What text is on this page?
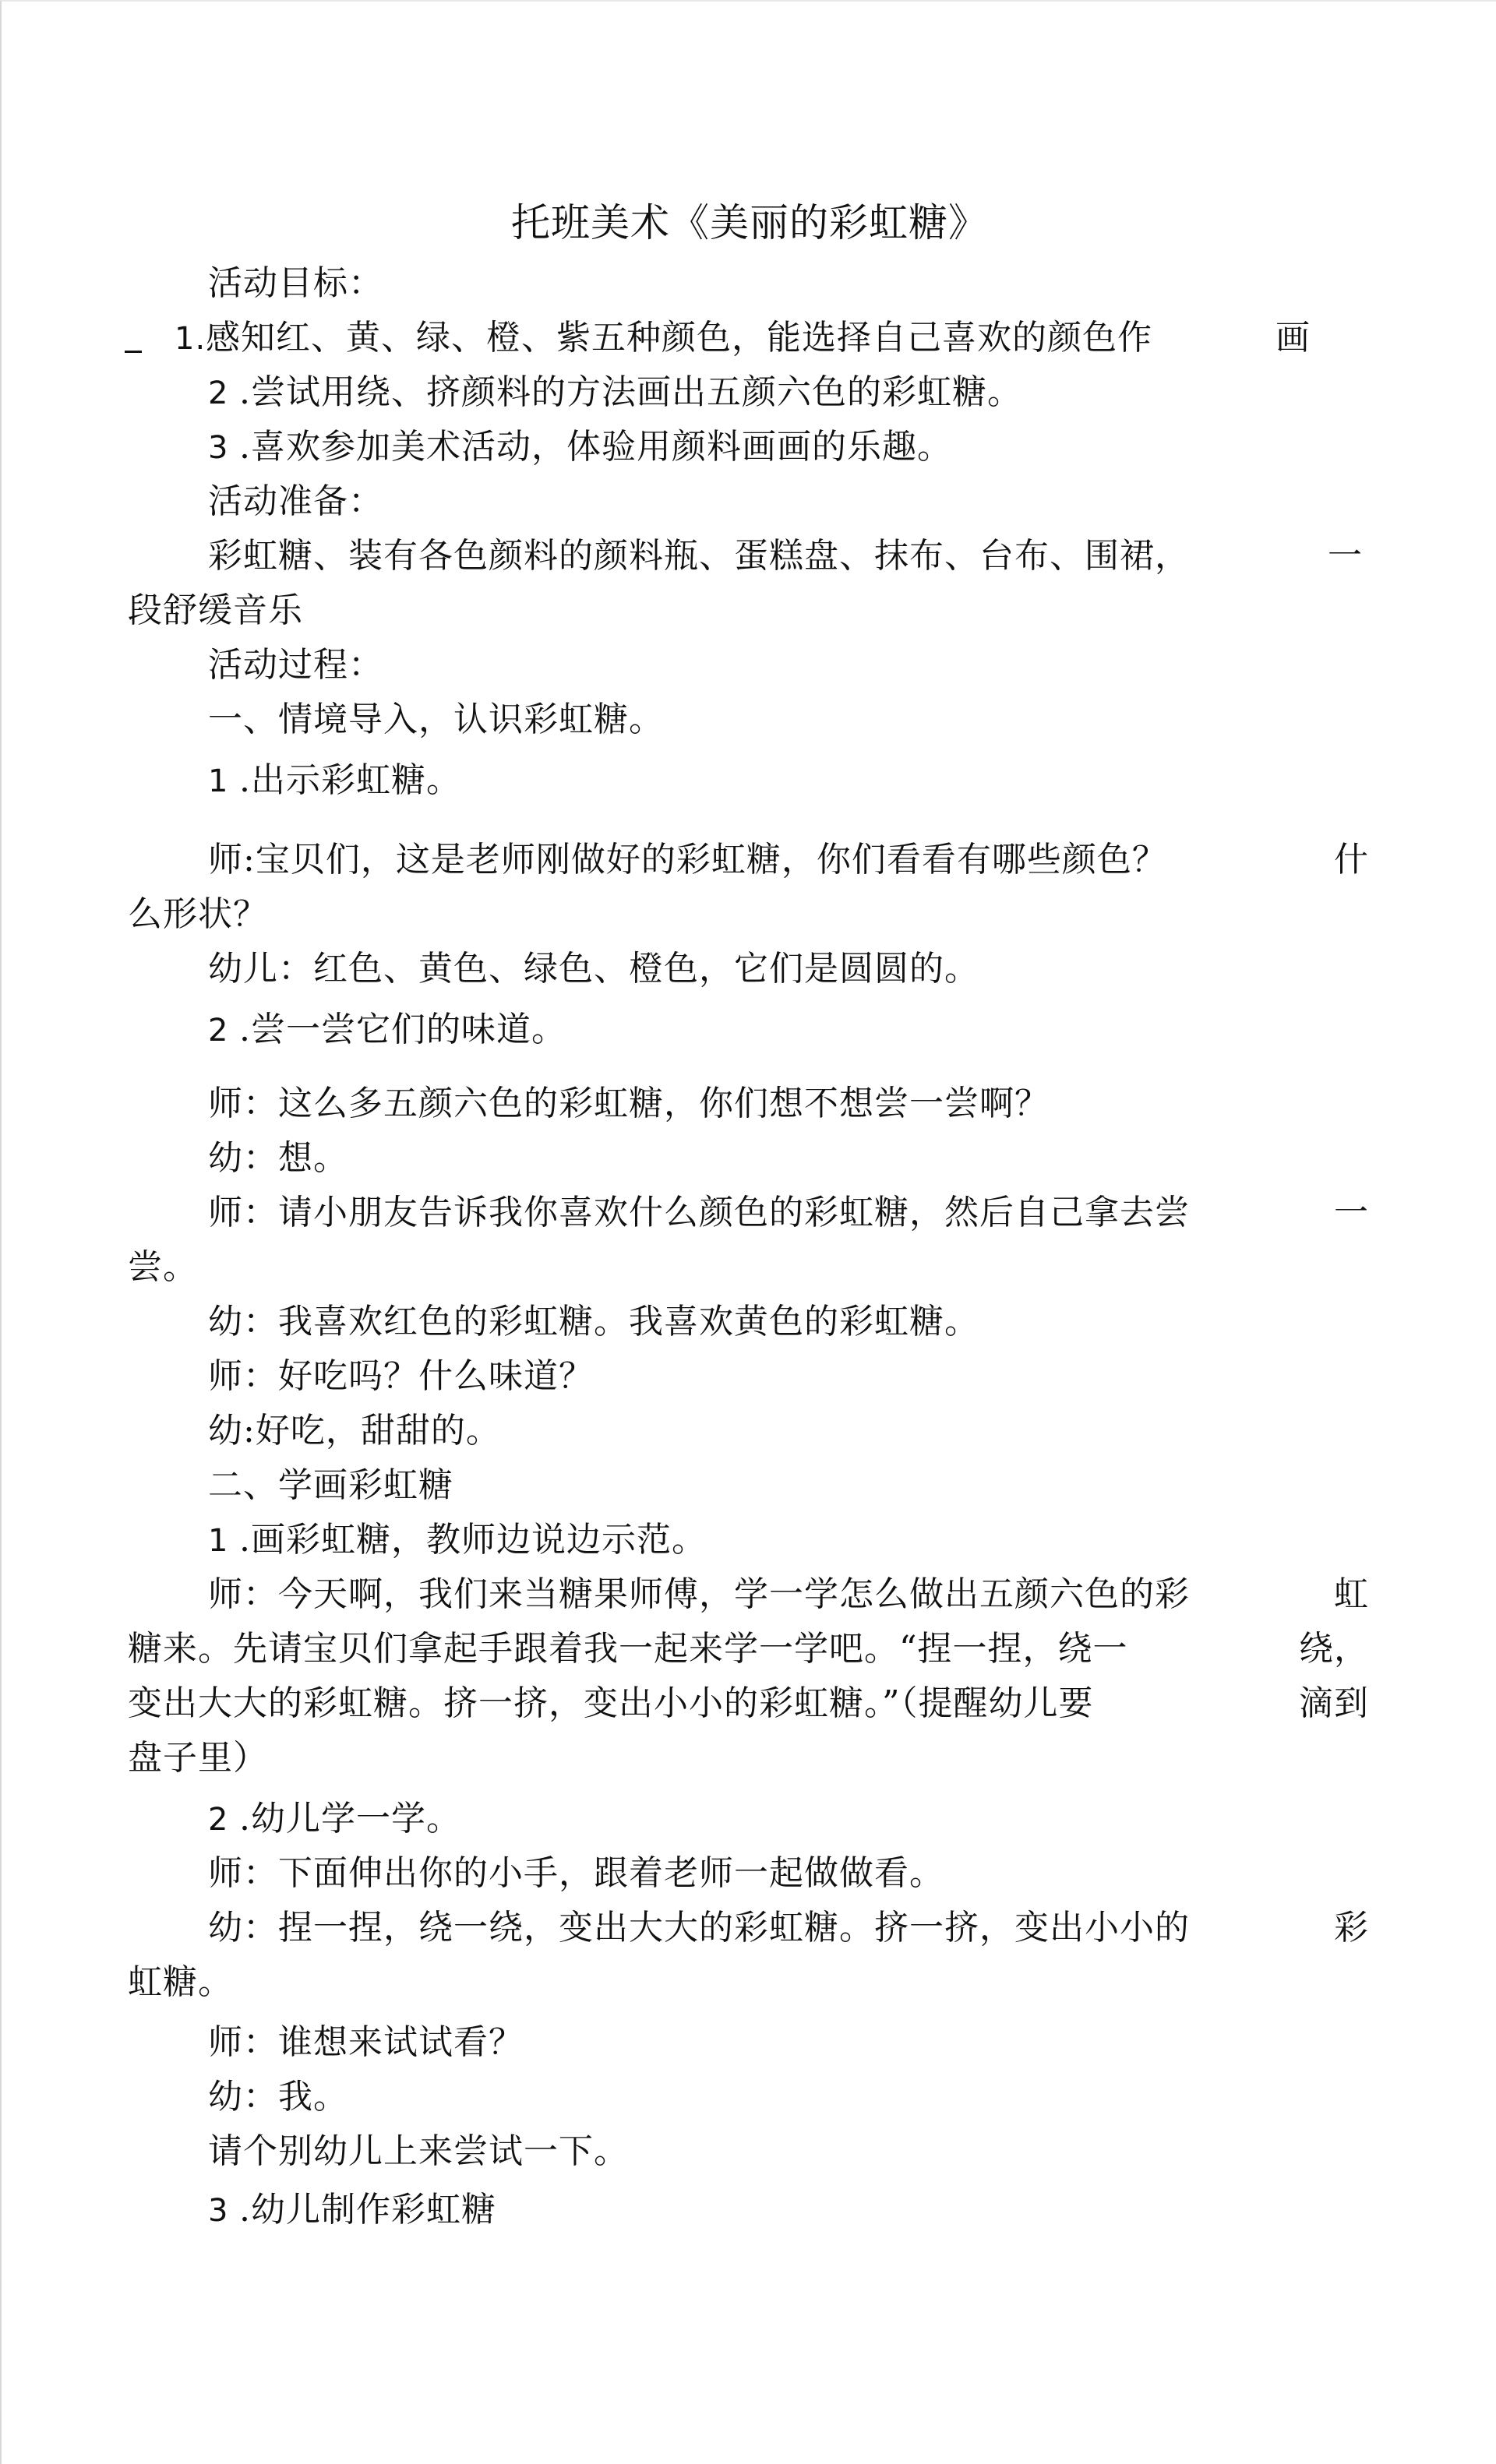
托班美术《美丽的彩虹糖》
活动目标：
1.感知红、黄、绿、橙、紫五种颜色，能选择自己喜欢的颜色作	画
2 .尝试用绕、挤颜料的方法画出五颜六色的彩虹糖。
3 .喜欢参加美术活动，体验用颜料画画的乐趣。
活动准备：
彩虹糖、装有各色颜料的颜料瓶、蛋糕盘、抹布、台布、围裙，	一
段舒缓音乐
活动过程：
一、情境导入，认识彩虹糖。
1 .出示彩虹糖。
师:宝贝们，这是老师刚做好的彩虹糖，你们看看有哪些颜色？	什
么形状？
幼儿：红色、黄色、绿色、橙色，它们是圆圆的。
2 .尝一尝它们的味道。
师：这么多五颜六色的彩虹糖，你们想不想尝一尝啊？
幼：想。
师：请小朋友告诉我你喜欢什么颜色的彩虹糖，然后自己拿去尝	一
尝。
幼：我喜欢红色的彩虹糖。我喜欢黄色的彩虹糖。
师：好吃吗？什么味道？
幼:好吃，甜甜的。
二、学画彩虹糖
1 .画彩虹糖，教师边说边示范。
师：今天啊，我们来当糖果师傅，学一学怎么做出五颜六色的彩	虹
糖来。先请宝贝们拿起手跟着我一起来学一学吧。“捏一捏，绕一	绕，
变出大大的彩虹糖。挤一挤，变出小小的彩虹糖。”（提醒幼儿要	滴到
盘子里）
2 .幼儿学一学。
师：下面伸出你的小手，跟着老师一起做做看。
幼：捏一捏，绕一绕，变出大大的彩虹糖。挤一挤，变出小小的	彩
虹糖。
师：谁想来试试看？
幼：我。
请个别幼儿上来尝试一下。
3 .幼儿制作彩虹糖
